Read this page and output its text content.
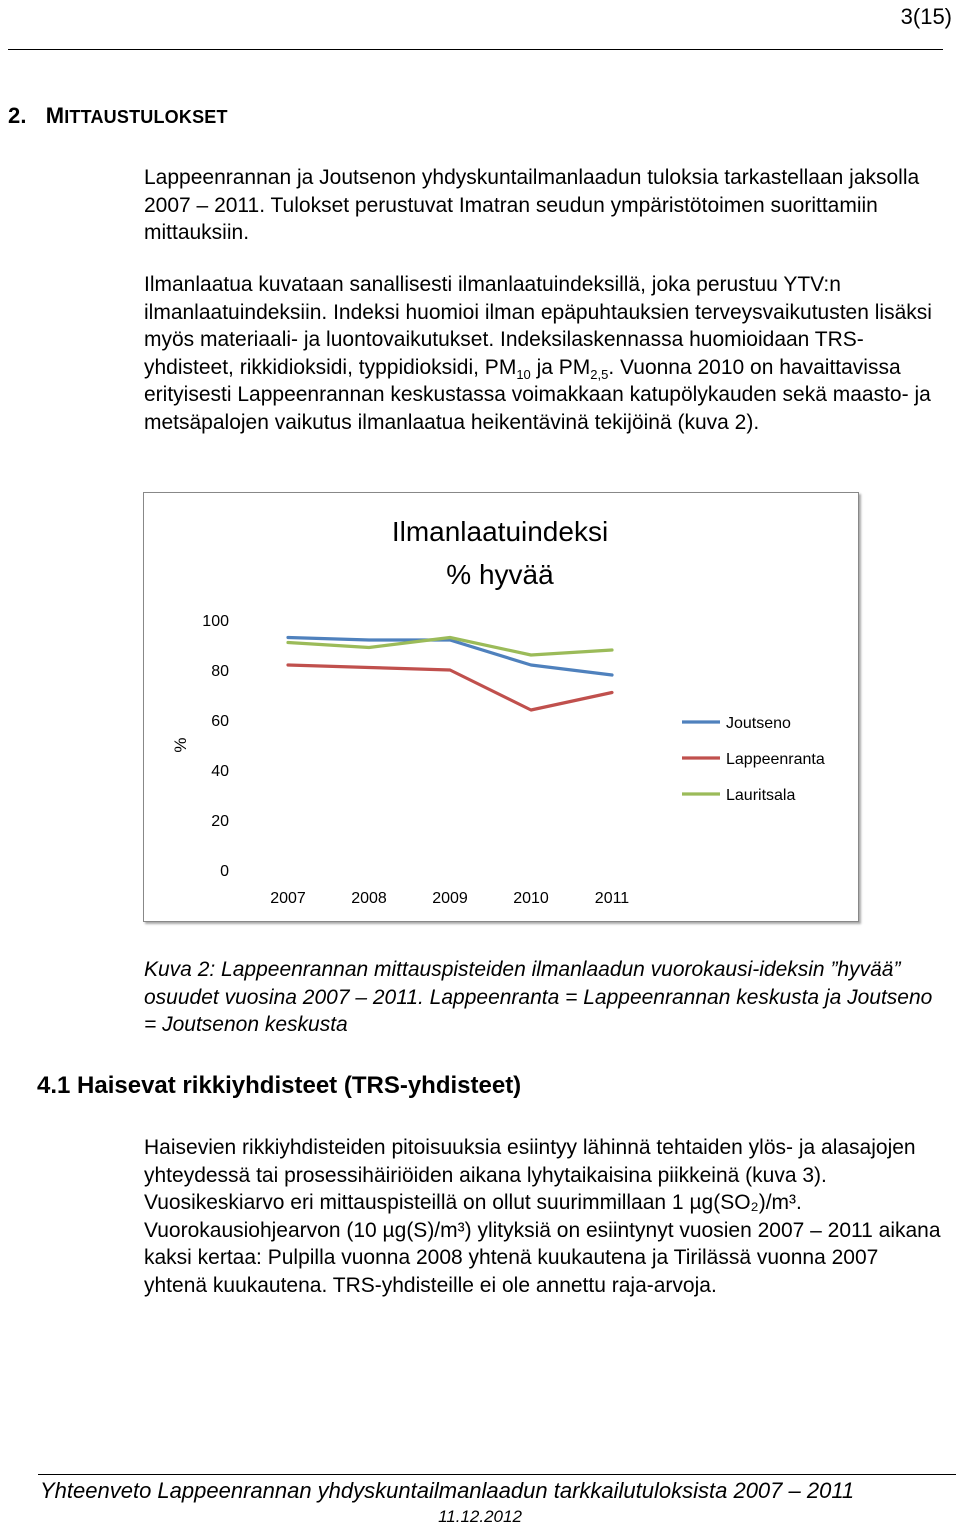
3(15)
2. MITTAUSTULOKSET
Lappeenrannan ja Joutsenon yhdyskuntailmanlaadun tuloksia tarkastellaan jaksolla 2007 – 2011. Tulokset perustuvat Imatran seudun ympäristötoimen suorittamiin mittauksiin.
Ilmanlaatua kuvataan sanallisesti ilmanlaatuindeksillä, joka perustuu YTV:n ilmanlaatuindeksiin. Indeksi huomioi ilman epäpuhtauksien terveysvaikutusten lisäksi myös materiaali- ja luontovaikutukset. Indeksilaskennassa huomioidaan TRS-yhdisteet, rikkidioksidi, typpidioksidi, $PM_{10}$ ja $PM_{2,5}$. Vuonna 2010 on havaittavissa erityisesti Lappeenrannan keskustassa voimakkaan katupölykauden sekä maasto- ja metsäpalojen vaikutus ilmanlaatua heikentävinä tekijöinä (kuva 2).
Ilmanlaatuindeksi
% hyvää
%
0
20
40
60
80
100
2007	2008	2009	2010	2011
Joutseno
Lappeenranta
Lauritsala
Kuva 2: Lappeenrannan mittauspisteiden ilmanlaadun vuorokausi-ideksin ”hyvää” osuudet vuosina 2007 – 2011. Lappeenranta = Lappeenrannan keskusta ja Joutseno = Joutsenon keskusta
4.1 Haisevat rikkiyhdisteet (TRS-yhdisteet)
Haisevien rikkiyhdisteiden pitoisuuksia esiintyy lähinnä tehtaiden ylös- ja alasajojen yhteydessä tai prosessihäiriöiden aikana lyhytaikaisina piikkeinä (kuva 3). Vuosikeskiarvo eri mittauspisteillä on ollut suurimmillaan 1 µg(SO₂)/m³. Vuorokausiohjearvon (10 µg(S)/m³) ylityksiä on esiintynyt vuosien 2007 – 2011 aikana kaksi kertaa: Pulpilla vuonna 2008 yhtenä kuukautena ja Tirilässä vuonna 2007 yhtenä kuukautena. TRS-yhdisteille ei ole annettu raja-arvoja.
Yhteenveto Lappeenrannan yhdyskuntailmanlaadun tarkkailutuloksista 2007 – 2011
11.12.2012
